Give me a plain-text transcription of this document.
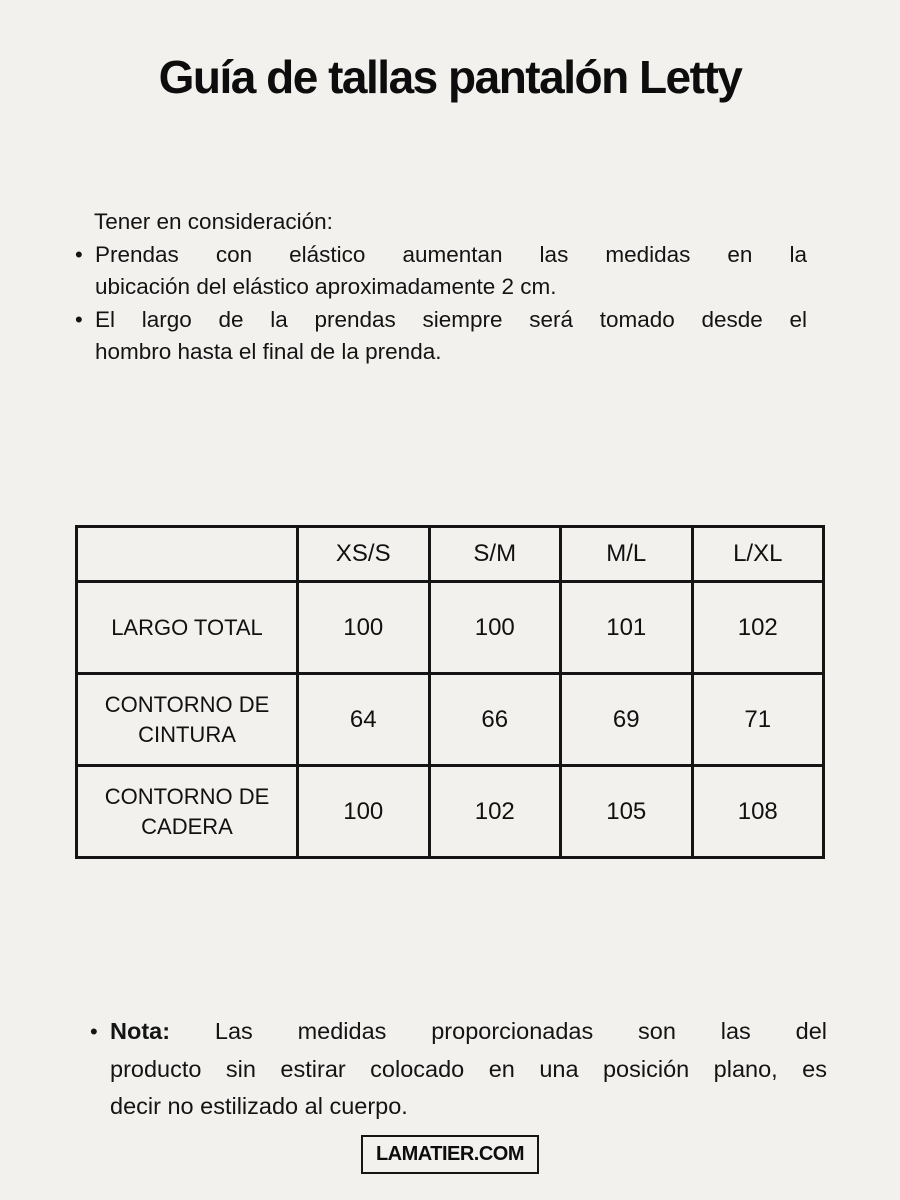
Guía de tallas pantalón Letty
Tener en consideración:
• Prendas con elástico aumentan las medidas en la
ubicación del elástico aproximadamente 2 cm.
• El largo de la prendas siempre será tomado desde el
hombro hasta el final de la prenda.
	XS/S	S/M	M/L	L/XL
LARGO TOTAL	100	100	101	102
CONTORNO DE CINTURA	64	66	69	71
CONTORNO DE CADERA	100	102	105	108
• Nota: Las medidas proporcionadas son las del
producto sin estirar colocado en una posición plano, es
decir no estilizado al cuerpo.
LAMATIER.COM
